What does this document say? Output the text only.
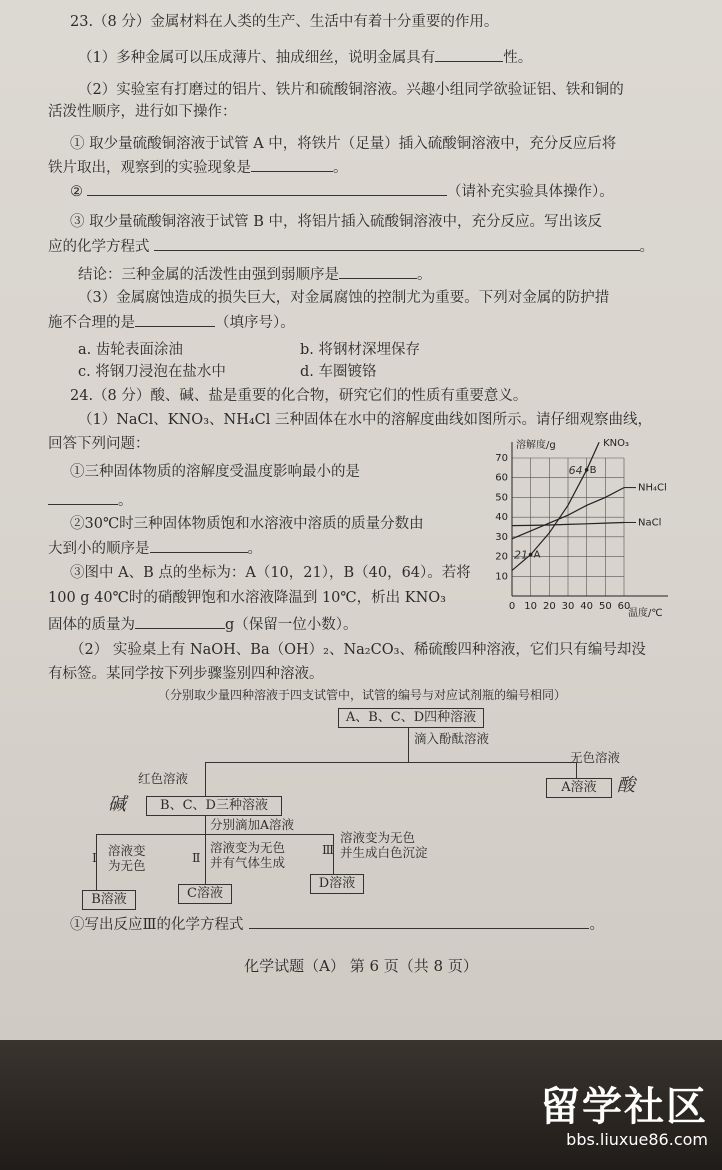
23.（8 分）金属材料在人类的生产、生活中有着十分重要的作用。
（1）多种金属可以压成薄片、抽成细丝，说明金属具有	性。
（2）实验室有打磨过的铝片、铁片和硫酸铜溶液。兴趣小组同学欲验证铝、铁和铜的
活泼性顺序，进行如下操作：
① 取少量硫酸铜溶液于试管 A 中，将铁片（足量）插入硫酸铜溶液中，充分反应后将
铁片取出，观察到的实验现象是	。
②	（请补充实验具体操作）。
③ 取少量硫酸铜溶液于试管 B 中，将铝片插入硫酸铜溶液中，充分反应。写出该反
应的化学方程式	。
结论：三种金属的活泼性由强到弱顺序是	。
（3）金属腐蚀造成的损失巨大，对金属腐蚀的控制尤为重要。下列对金属的防护措
施不合理的是	（填序号）。
a. 齿轮表面涂油	b. 将钢材深埋保存
c. 将钢刀浸泡在盐水中	d. 车圈镀铬
24.（8 分）酸、碱、盐是重要的化合物，研究它们的性质有重要意义。
（1）NaCl、KNO₃、NH₄Cl 三种固体在水中的溶解度曲线如图所示。请仔细观察曲线，
回答下列问题：
①三种固体物质的溶解度受温度影响最小的是
。
②30℃时三种固体物质饱和水溶液中溶质的质量分数由
大到小的顺序是	。
③图中 A、B 点的坐标为：A（10，21），B（40，64）。若将
100 g 40℃时的硝酸钾饱和水溶液降温到 10℃，析出 KNO₃
固体的质量为	g（保留一位小数）。
（2） 实验桌上有 NaOH、Ba（OH）₂、Na₂CO₃、稀硫酸四种溶液，它们只有编号却没
有标签。某同学按下列步骤鉴别四种溶液。
0 10 20 30 40 50 60
10
20
30
40
50
60
70
溶解度/g
温度/℃
KNO₃
NH₄Cl
NaCl
A
B
21
64
（分别取少量四种溶液于四支试管中，试管的编号与对应试剂瓶的编号相同）
A、B、C、D四种溶液
滴入酚酞溶液
红色溶液
无色溶液
A溶液	酸
碱	B、C、D三种溶液
分别滴加A溶液
Ⅰ 溶液变
为无色
Ⅱ
溶液变为无色
并有气体生成
Ⅲ
溶液变为无色
并生成白色沉淀
D溶液
C溶液
B溶液
①写出反应Ⅲ的化学方程式	。
化学试题（A） 第 6 页（共 8 页）
留学社区
bbs.liuxue86.com
